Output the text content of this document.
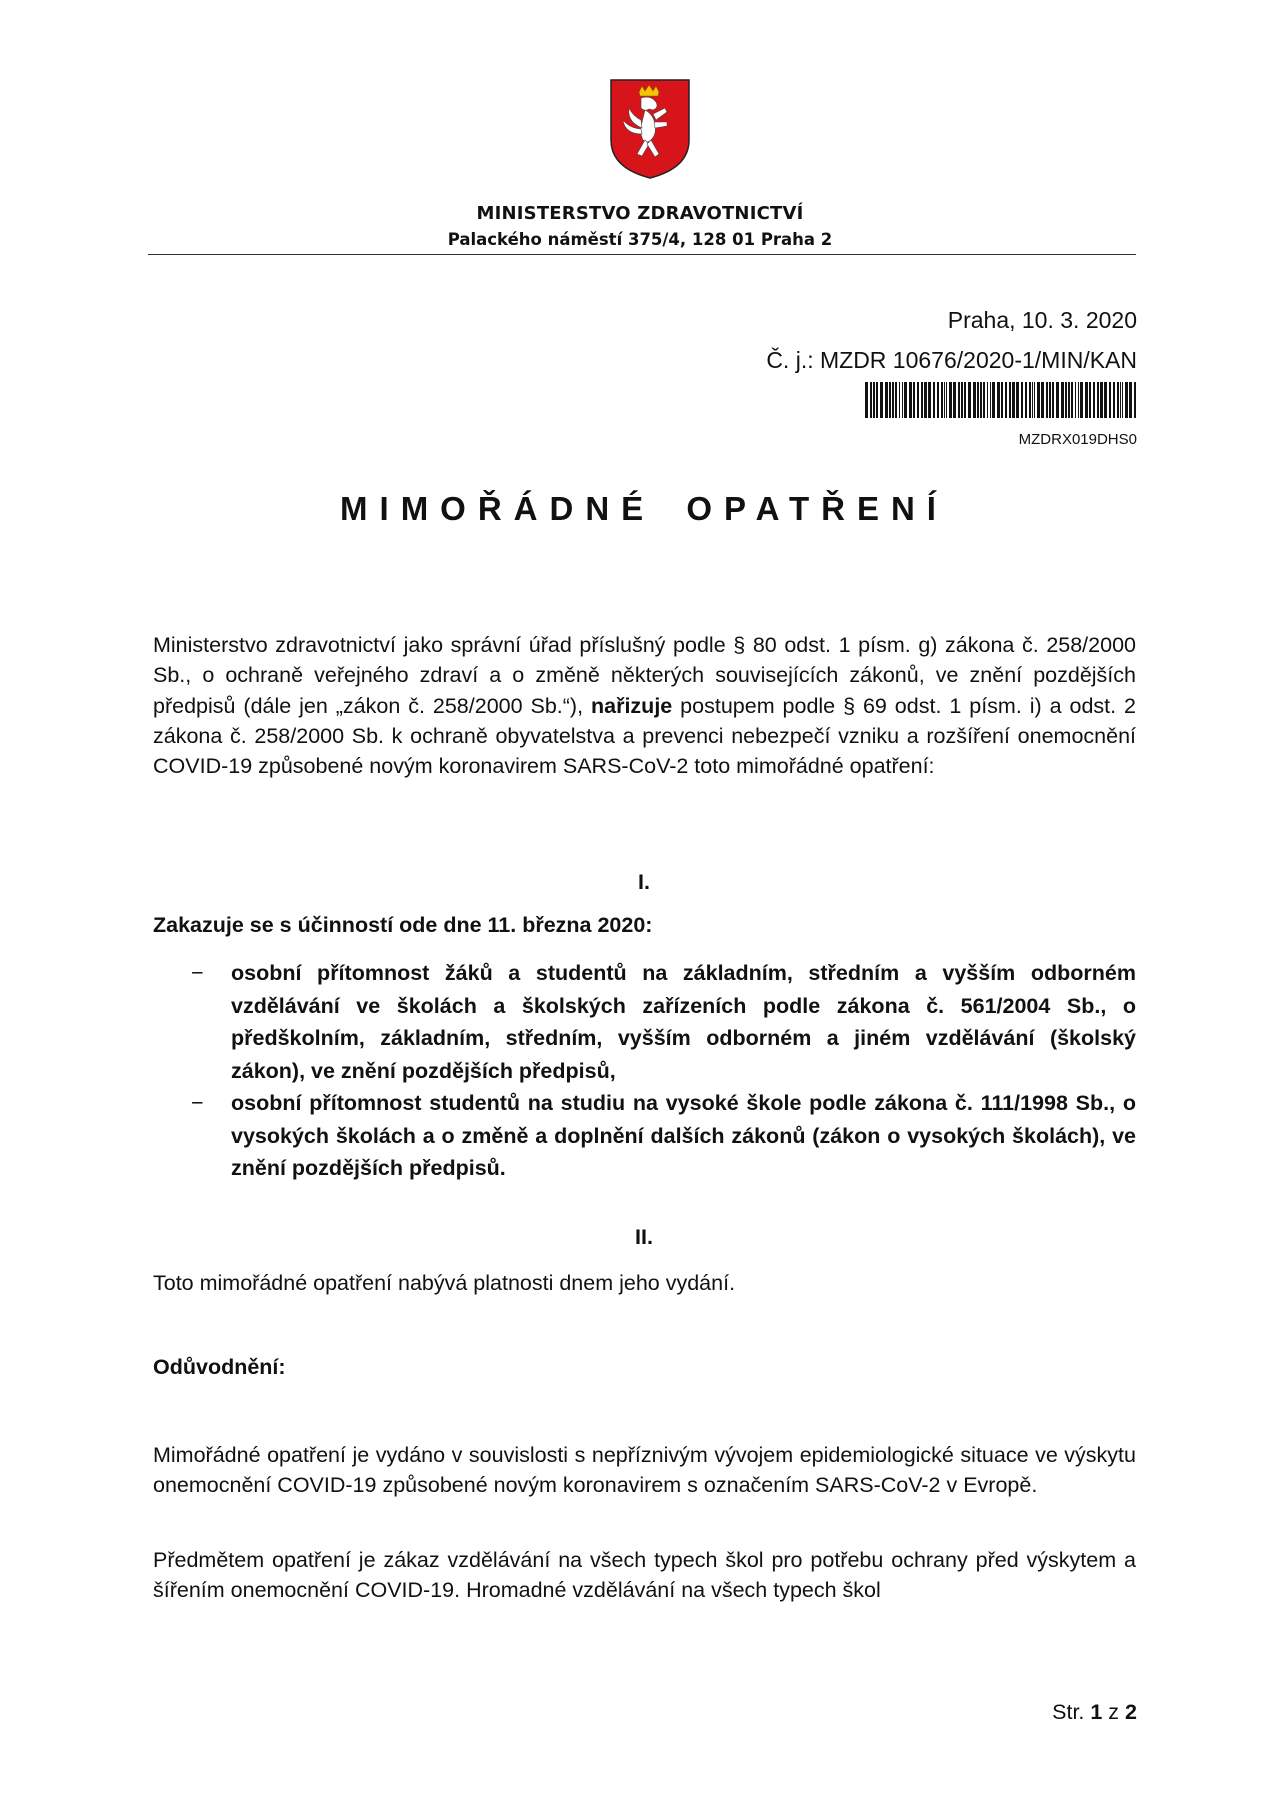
MINISTERSTVO ZDRAVOTNICTVÍ
Palackého náměstí 375/4, 128 01 Praha 2
Praha, 10. 3. 2020
Č. j.: MZDR 10676/2020-1/MIN/KAN
MZDRX019DHS0
MIMOŘÁDNÉ OPATŘENÍ
Ministerstvo zdravotnictví jako správní úřad příslušný podle § 80 odst. 1 písm. g) zákona č. 258/2000 Sb., o ochraně veřejného zdraví a o změně některých souvisejících zákonů, ve znění pozdějších předpisů (dále jen „zákon č. 258/2000 Sb.“), nařizuje postupem podle § 69 odst. 1 písm. i) a odst. 2 zákona č. 258/2000 Sb. k ochraně obyvatelstva a prevenci nebezpečí vzniku a rozšíření onemocnění COVID-19 způsobené novým koronavirem SARS-CoV-2 toto mimořádné opatření:
I.
Zakazuje se s účinností ode dne 11. března 2020:
− osobní přítomnost žáků a studentů na základním, středním a vyšším odborném vzdělávání ve školách a školských zařízeních podle zákona č. 561/2004 Sb., o předškolním, základním, středním, vyšším odborném a jiném vzdělávání (školský zákon), ve znění pozdějších předpisů,
− osobní přítomnost studentů na studiu na vysoké škole podle zákona č. 111/1998 Sb., o vysokých školách a o změně a doplnění dalších zákonů (zákon o vysokých školách), ve znění pozdějších předpisů.
II.
Toto mimořádné opatření nabývá platnosti dnem jeho vydání.
Odůvodnění:
Mimořádné opatření je vydáno v souvislosti s nepříznivým vývojem epidemiologické situace ve výskytu onemocnění COVID-19 způsobené novým koronavirem s označením SARS-CoV-2 v Evropě.
Předmětem opatření je zákaz vzdělávání na všech typech škol pro potřebu ochrany před výskytem a šířením onemocnění COVID-19. Hromadné vzdělávání na všech typech škol
Str. 1 z 2
